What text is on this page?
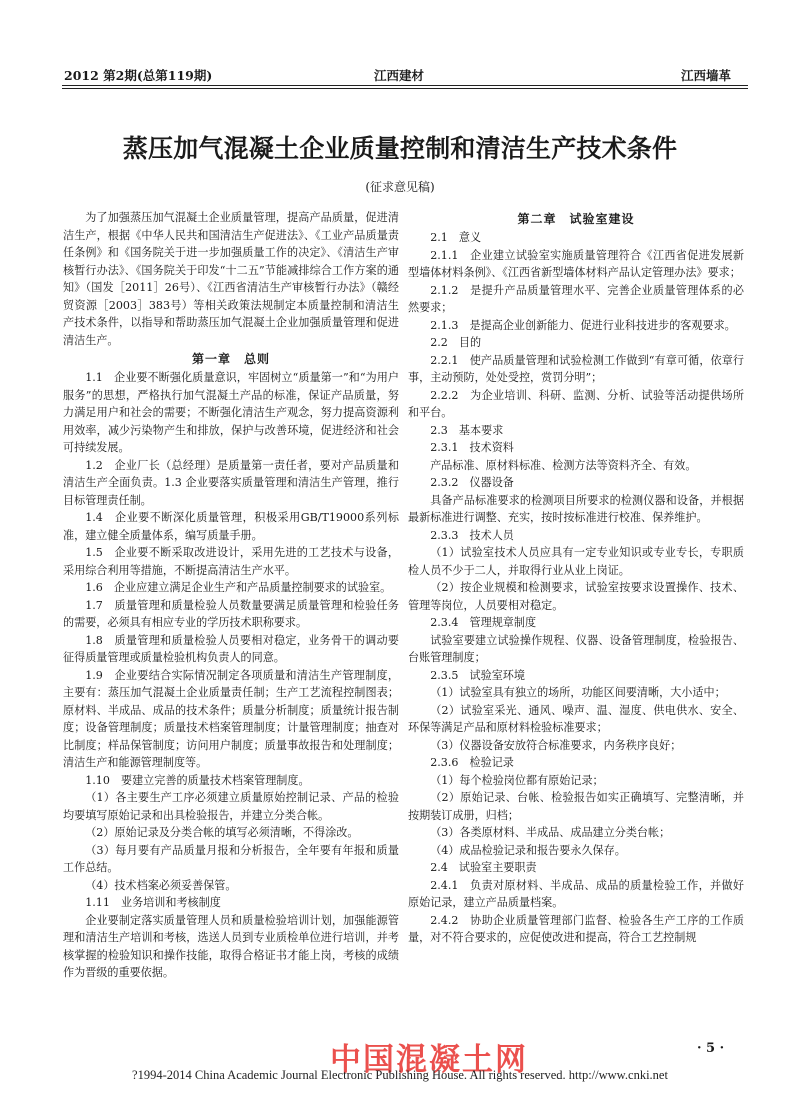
2012 第2期(总第119期)	江西建材	江西墙革
蒸压加气混凝土企业质量控制和清洁生产技术条件
(征求意见稿)

为了加强蒸压加气混凝土企业质量管理，提高产品质量，促进清洁生产，根据《中华人民共和国清洁生产促进法》、《工业产品质量责任条例》和《国务院关于进一步加强质量工作的决定》、《清洁生产审核暂行办法》、《国务院关于印发“十二五”节能减排综合工作方案的通知》（国发［2011］26号）、《江西省清洁生产审核暂行办法》（赣经贸资源［2003］383号）等相关政策法规制定本质量控制和清洁生产技术条件，以指导和帮助蒸压加气混凝土企业加强质量管理和促进清洁生产。

第一章　总则

1.1　企业要不断强化质量意识，牢固树立“质量第一”和“为用户服务”的思想，严格执行加气混凝土产品的标准，保证产品质量，努力满足用户和社会的需要；不断强化清洁生产观念，努力提高资源利用效率，减少污染物产生和排放，保护与改善环境，促进经济和社会可持续发展。

1.2　企业厂长（总经理）是质量第一责任者，要对产品质量和清洁生产全面负责。1.3 企业要落实质量管理和清洁生产管理，推行目标管理责任制。

1.4　企业要不断深化质量管理，积极采用GB/T19000系列标准，建立健全质量体系，编写质量手册。

1.5　企业要不断采取改进设计，采用先进的工艺技术与设备，采用综合利用等措施，不断提高清洁生产水平。

1.6　企业应建立满足企业生产和产品质量控制要求的试验室。

1.7　质量管理和质量检验人员数量要满足质量管理和检验任务的需要，必须具有相应专业的学历技术职称要求。

1.8　质量管理和质量检验人员要相对稳定，业务骨干的调动要征得质量管理或质量检验机构负责人的同意。

1.9　企业要结合实际情况制定各项质量和清洁生产管理制度，主要有：蒸压加气混凝土企业质量责任制；生产工艺流程控制图表；原材料、半成品、成品的技术条件；质量分析制度；质量统计报告制度；设备管理制度；质量技术档案管理制度；计量管理制度；抽查对比制度；样品保管制度；访问用户制度；质量事故报告和处理制度；清洁生产和能源管理制度等。

1.10　要建立完善的质量技术档案管理制度。

（1）各主要生产工序必须建立质量原始控制记录、产品的检验均要填写原始记录和出具检验报告，并建立分类合帐。

（2）原始记录及分类合帐的填写必须清晰，不得涂改。

（3）每月要有产品质量月报和分析报告，全年要有年报和质量工作总结。

（4）技术档案必须妥善保管。

1.11　业务培训和考核制度

企业要制定落实质量管理人员和质量检验培训计划，加强能源管理和清洁生产培训和考核，选送人员到专业质检单位进行培训，并考核掌握的检验知识和操作技能，取得合格证书才能上岗，考核的成绩作为晋级的重要依据。

第二章　试验室建设

2.1　意义

2.1.1　企业建立试验室实施质量管理符合《江西省促进发展新型墙体材料条例》、《江西省新型墙体材料产品认定管理办法》要求；

2.1.2　是提升产品质量管理水平、完善企业质量管理体系的必然要求；

2.1.3　是提高企业创新能力、促进行业科技进步的客观要求。

2.2　目的

2.2.1　使产品质量管理和试验检测工作做到“有章可循，依章行事，主动预防，处处受控，赏罚分明”；

2.2.2　为企业培训、科研、监测、分析、试验等活动提供场所和平台。

2.3　基本要求

2.3.1　技术资料

产品标准、原材料标准、检测方法等资料齐全、有效。

2.3.2　仪器设备

具备产品标准要求的检测项目所要求的检测仪器和设备，并根据最新标准进行调整、充实，按时按标准进行校准、保养维护。

2.3.3　技术人员

（1）试验室技术人员应具有一定专业知识或专业专长，专职质检人员不少于二人，并取得行业从业上岗证。

（2）按企业规模和检测要求，试验室按要求设置操作、技术、管理等岗位，人员要相对稳定。

2.3.4　管理规章制度

试验室要建立试验操作规程、仪器、设备管理制度，检验报告、台账管理制度；

2.3.5　试验室环境

（1）试验室具有独立的场所，功能区间要清晰，大小适中；

（2）试验室采光、通风、噪声、温、湿度、供电供水、安全、环保等满足产品和原材料检验标准要求；

（3）仪器设备安放符合标准要求，内务秩序良好；

2.3.6　检验记录

（1）每个检验岗位都有原始记录；

（2）原始记录、台帐、检验报告如实正确填写、完整清晰，并按期装订成册，归档；

（3）各类原材料、半成品、成品建立分类台帐；

（4）成品检验记录和报告要永久保存。

2.4　试验室主要职责

2.4.1　负责对原材料、半成品、成品的质量检验工作，并做好原始记录，建立产品质量档案。

2.4.2　协助企业质量管理部门监督、检验各生产工序的工作质量，对不符合要求的，应促使改进和提高，符合工艺控制规

· 5 ·
中国混凝土网
?1994-2014 China Academic Journal Electronic Publishing House. All rights reserved. http://www.cnki.net
